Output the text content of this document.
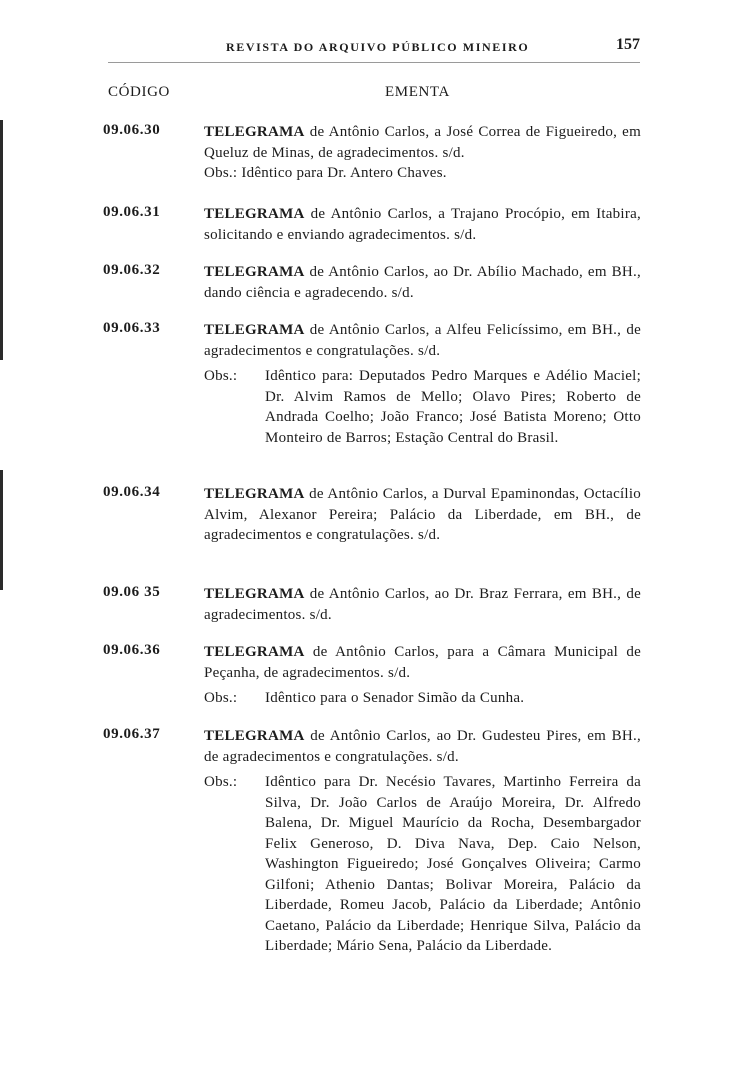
REVISTA DO ARQUIVO PÚBLICO MINEIRO	157
CÓDIGO	EMENTA
09.06.30	TELEGRAMA de Antônio Carlos, a José Correa de Figueiredo, em Queluz de Minas, de agradecimentos. s/d.
Obs.: Idêntico para Dr. Antero Chaves.
09.06.31	TELEGRAMA de Antônio Carlos, a Trajano Procópio, em Itabira, solicitando e enviando agradecimentos. s/d.
09.06.32	TELEGRAMA de Antônio Carlos, ao Dr. Abílio Machado, em BH., dando ciência e agradecendo. s/d.
09.06.33	TELEGRAMA de Antônio Carlos, a Alfeu Felicíssimo, em BH., de agradecimentos e congratulações. s/d.
Obs.: Idêntico para: Deputados Pedro Marques e Adélio Maciel; Dr. Alvim Ramos de Mello; Olavo Pires; Roberto de Andrada Coelho; João Franco; José Batista Moreno; Otto Monteiro de Barros; Estação Central do Brasil.
09.06.34	TELEGRAMA de Antônio Carlos, a Durval Epaminondas, Octacílio Alvim, Alexanor Pereira; Palácio da Liberdade, em BH., de agradecimentos e congratulações. s/d.
09.06 35	TELEGRAMA de Antônio Carlos, ao Dr. Braz Ferrara, em BH., de agradecimentos. s/d.
09.06.36	TELEGRAMA de Antônio Carlos, para a Câmara Municipal de Peçanha, de agradecimentos. s/d.
Obs.: Idêntico para o Senador Simão da Cunha.
09.06.37	TELEGRAMA de Antônio Carlos, ao Dr. Gudesteu Pires, em BH., de agradecimentos e congratulações. s/d.
Obs.: Idêntico para Dr. Necésio Tavares, Martinho Ferreira da Silva, Dr. João Carlos de Araújo Moreira, Dr. Alfredo Balena, Dr. Miguel Maurício da Rocha, Desembargador Felix Generoso, D. Diva Nava, Dep. Caio Nelson, Washington Figueiredo; José Gonçalves Oliveira; Carmo Gilfoni; Athenio Dantas; Bolivar Moreira, Palácio da Liberdade, Romeu Jacob, Palácio da Liberdade; Antônio Caetano, Palácio da Liberdade; Henrique Silva, Palácio da Liberdade; Mário Sena, Palácio da Liberdade.
